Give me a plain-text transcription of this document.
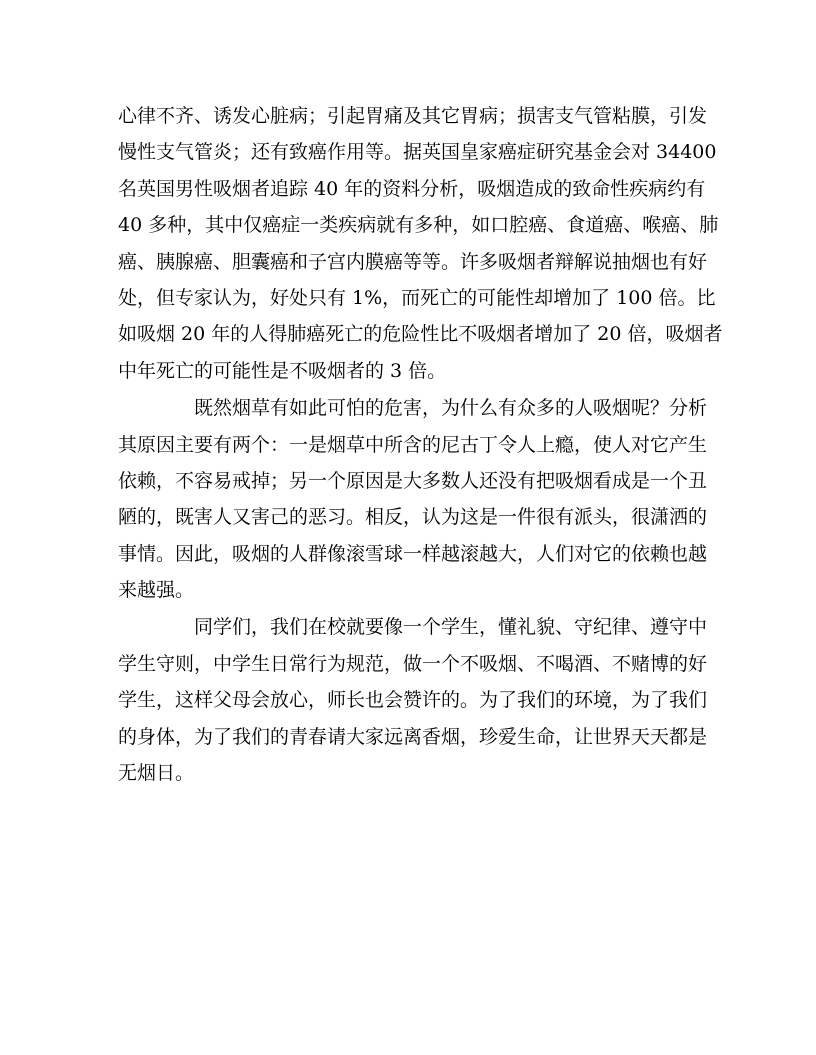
心律不齐、诱发心脏病；引起胃痛及其它胃病；损害支气管粘膜，引发
慢性支气管炎；还有致癌作用等。据英国皇家癌症研究基金会对 34400
名英国男性吸烟者追踪 40 年的资料分析，吸烟造成的致命性疾病约有
40 多种，其中仅癌症一类疾病就有多种，如口腔癌、食道癌、喉癌、肺
癌、胰腺癌、胆囊癌和子宫内膜癌等等。许多吸烟者辩解说抽烟也有好
处，但专家认为，好处只有 1%，而死亡的可能性却增加了 100 倍。比
如吸烟 20 年的人得肺癌死亡的危险性比不吸烟者增加了 20 倍，吸烟者
中年死亡的可能性是不吸烟者的 3 倍。
既然烟草有如此可怕的危害，为什么有众多的人吸烟呢？分析
其原因主要有两个：一是烟草中所含的尼古丁令人上瘾，使人对它产生
依赖，不容易戒掉；另一个原因是大多数人还没有把吸烟看成是一个丑
陋的，既害人又害己的恶习。相反，认为这是一件很有派头，很潇洒的
事情。因此，吸烟的人群像滚雪球一样越滚越大，人们对它的依赖也越
来越强。
同学们，我们在校就要像一个学生，懂礼貌、守纪律、遵守中
学生守则，中学生日常行为规范，做一个不吸烟、不喝酒、不赌博的好
学生，这样父母会放心，师长也会赞许的。为了我们的环境，为了我们
的身体，为了我们的青春请大家远离香烟，珍爱生命，让世界天天都是
无烟日。
